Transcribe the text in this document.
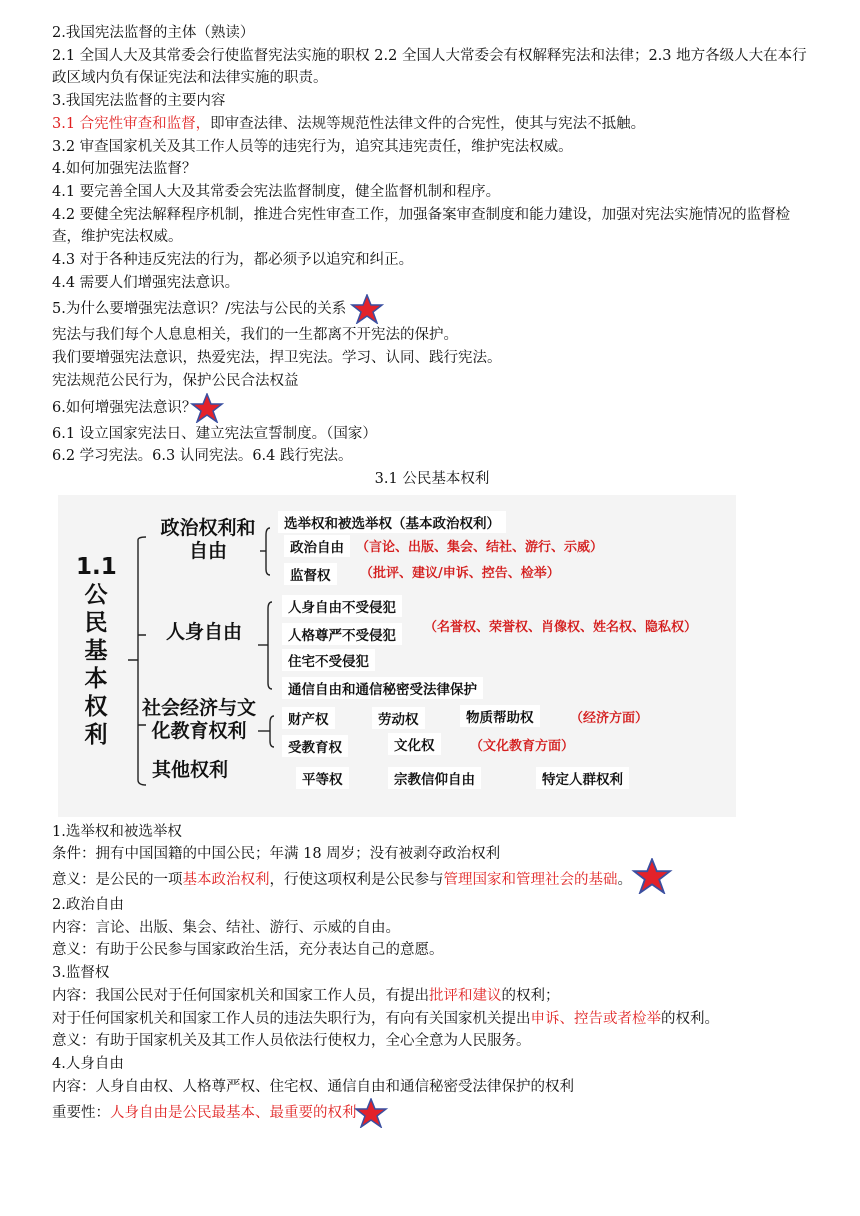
2.我国宪法监督的主体（熟读）
2.1 全国人大及其常委会行使监督宪法实施的职权 2.2 全国人大常委会有权解释宪法和法律；2.3 地方各级人大在本行政区域内负有保证宪法和法律实施的职责。
3.我国宪法监督的主要内容
3.1 合宪性审查和监督，即审查法律、法规等规范性法律文件的合宪性，使其与宪法不抵触。
3.2 审查国家机关及其工作人员等的违宪行为，追究其违宪责任，维护宪法权威。
4.如何加强宪法监督？
4.1 要完善全国人大及其常委会宪法监督制度，健全监督机制和程序。
4.2 要健全宪法解释程序机制，推进合宪性审查工作，加强备案审查制度和能力建设，加强对宪法实施情况的监督检查，维护宪法权威。
4.3 对于各种违反宪法的行为，都必须予以追究和纠正。
4.4 需要人们增强宪法意识。
5.为什么要增强宪法意识？/宪法与公民的关系
宪法与我们每个人息息相关，我们的一生都离不开宪法的保护。
我们要增强宪法意识，热爱宪法，捍卫宪法。学习、认同、践行宪法。
宪法规范公民行为，保护公民合法权益
6.如何增强宪法意识？
6.1 设立国家宪法日、建立宪法宣誓制度。（国家）
6.2 学习宪法。6.3 认同宪法。6.4 践行宪法。
3.1 公民基本权利
1.1公民基本权利
政治权利和自由
人身自由
社会经济与文化教育权利
其他权利
选举权和被选举权（基本政治权利）
政治自由 （言论、出版、集会、结社、游行、示威）
监督权	（批评、建议/申诉、控告、检举）
人身自由不受侵犯
人格尊严不受侵犯
（名誉权、荣誉权、肖像权、姓名权、隐私权）
住宅不受侵犯
通信自由和通信秘密受法律保护
财产权	劳动权	物质帮助权	（经济方面）
受教育权	文化权	（文化教育方面）
平等权	宗教信仰自由	特定人群权利
1.选举权和被选举权
条件：拥有中国国籍的中国公民；年满 18 周岁；没有被剥夺政治权利
意义：是公民的一项基本政治权利，行使这项权利是公民参与管理国家和管理社会的基础。
2.政治自由
内容：言论、出版、集会、结社、游行、示威的自由。
意义：有助于公民参与国家政治生活，充分表达自己的意愿。
3.监督权
内容：我国公民对于任何国家机关和国家工作人员，有提出批评和建议的权利；
对于任何国家机关和国家工作人员的违法失职行为，有向有关国家机关提出申诉、控告或者检举的权利。
意义：有助于国家机关及其工作人员依法行使权力，全心全意为人民服务。
4.人身自由
内容：人身自由权、人格尊严权、住宅权、通信自由和通信秘密受法律保护的权利
重要性：人身自由是公民最基本、最重要的权利
